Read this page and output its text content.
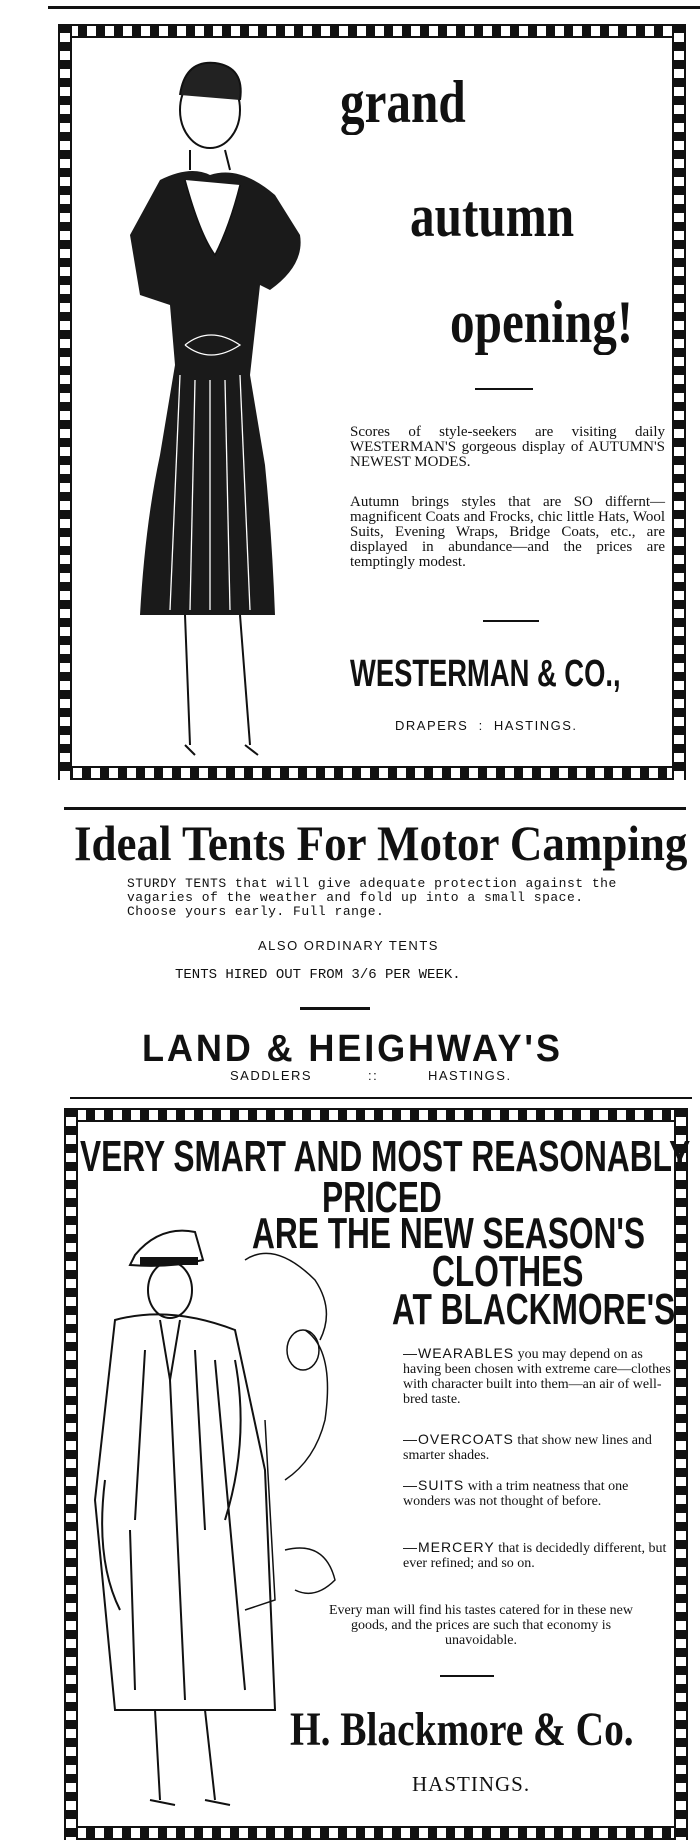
grand
autumn
opening!
Scores of style-seekers are visiting daily WESTERMAN'S gorgeous display of AUTUMN'S NEWEST MODES.
Autumn brings styles that are SO differnt—magnificent Coats and Frocks, chic little Hats, Wool Suits, Evening Wraps, Bridge Coats, etc., are displayed in abundance—and the prices are temptingly modest.
WESTERMAN & CO.,
DRAPERS  :  HASTINGS.
Ideal Tents For Motor Camping
STURDY TENTS that will give adequate protection against the vagaries of the weather and fold up into a small space. Choose yours early. Full range.
ALSO ORDINARY TENTS
TENTS HIRED OUT FROM 3/6 PER WEEK.
LAND & HEIGHWAY'S
SADDLERS	::	HASTINGS.
VERY SMART AND MOST REASONABLY
PRICED
ARE THE NEW SEASON'S
CLOTHES
AT BLACKMORE'S
—WEARABLES you may depend on as having been chosen with extreme care—clothes with character built into them—an air of well-bred taste.
—OVERCOATS that show new lines and smarter shades.
—SUITS with a trim neatness that one wonders was not thought of before.
—MERCERY that is decidedly different, but ever refined; and so on.
Every man will find his tastes catered for in these new goods, and the prices are such that economy is unavoidable.
H. Blackmore & Co.
HASTINGS.
